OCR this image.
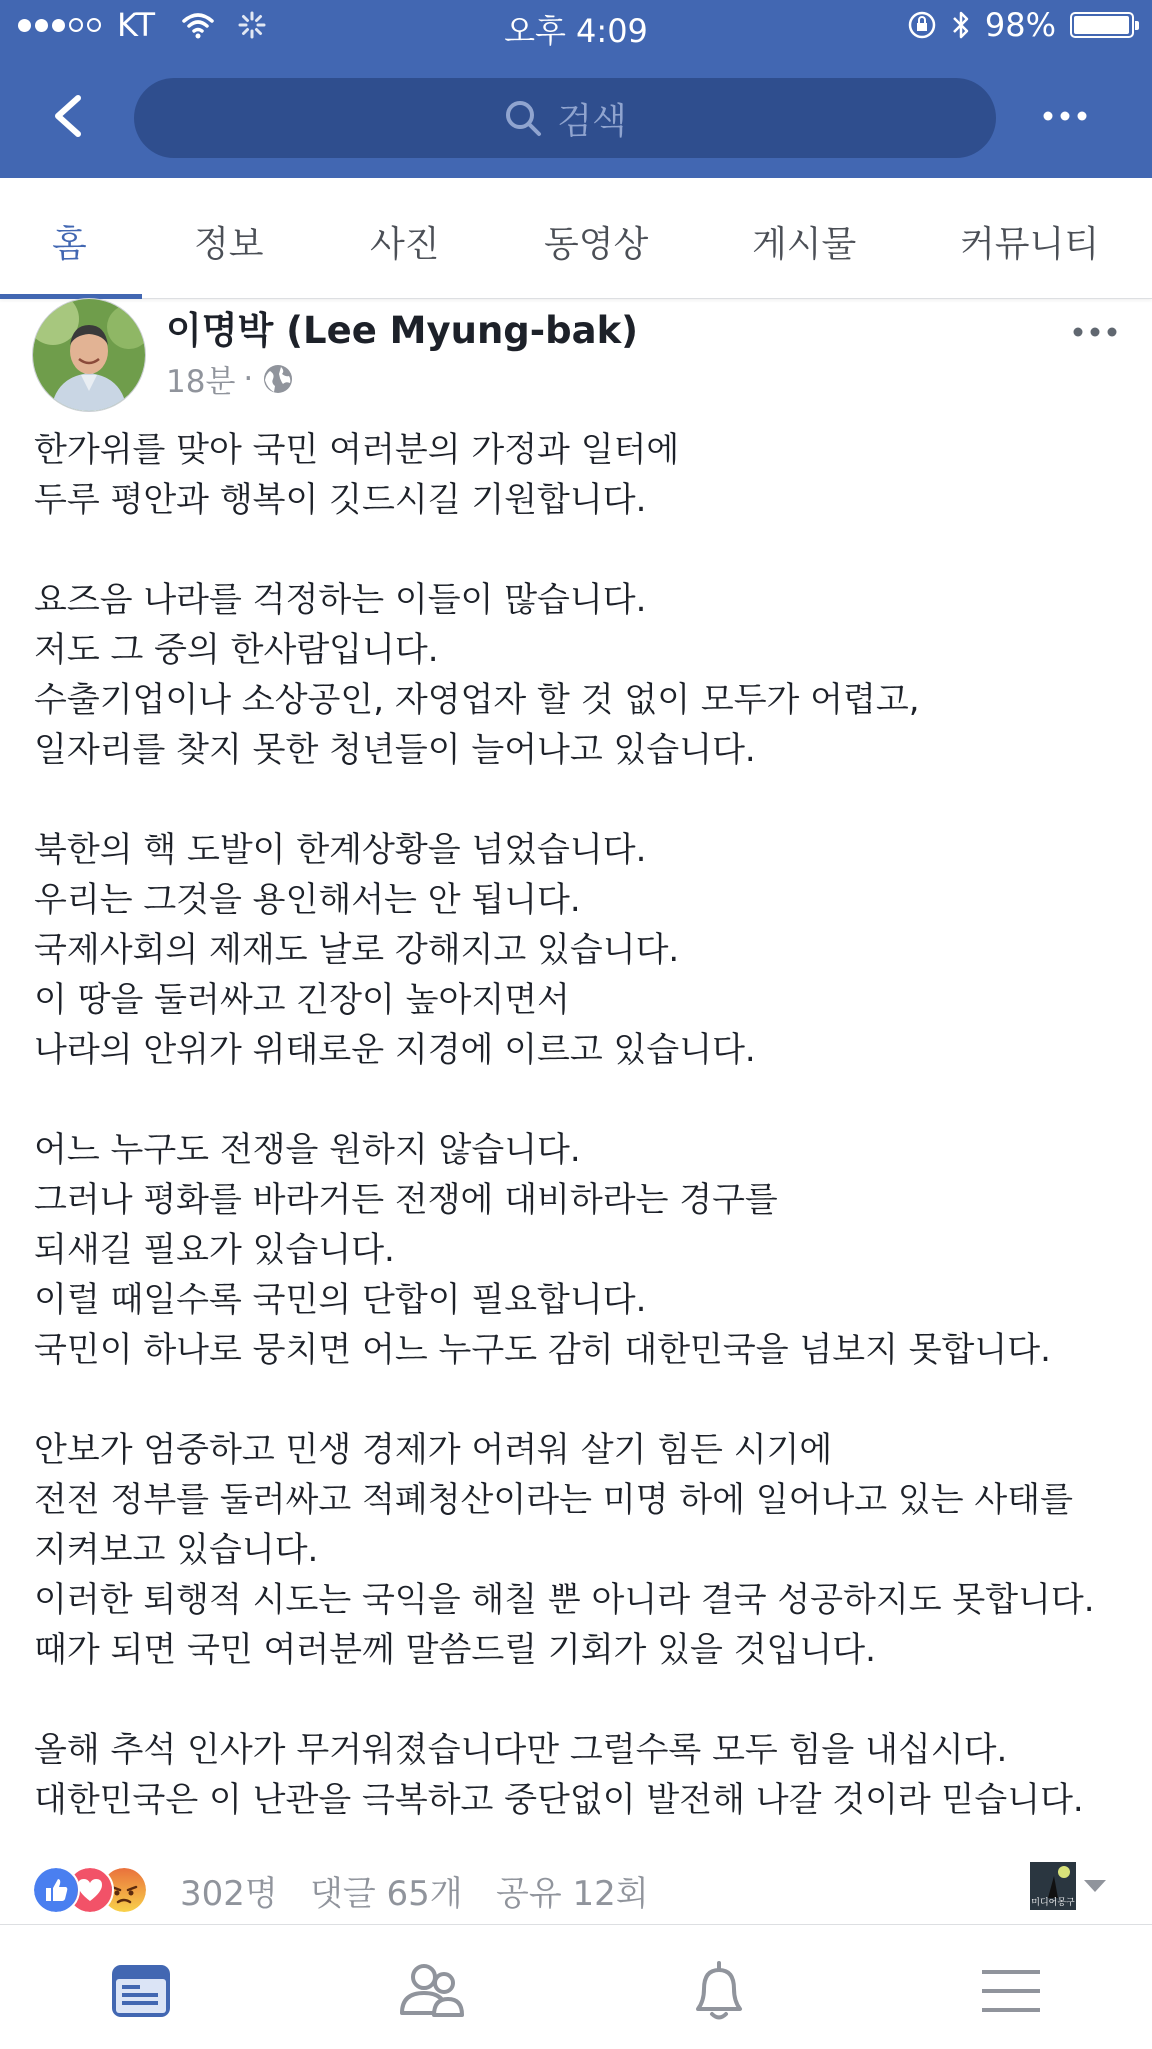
KT	오후 4:09	98%
검색
홈	정보	사진	동영상	게시물	커뮤니티
이명박 (Lee Myung-bak)
18분 ·
한가위를 맞아 국민 여러분의 가정과 일터에
두루 평안과 행복이 깃드시길 기원합니다.
요즈음 나라를 걱정하는 이들이 많습니다.
저도 그 중의 한사람입니다.
수출기업이나 소상공인, 자영업자 할 것 없이 모두가 어렵고,
일자리를 찾지 못한 청년들이 늘어나고 있습니다.
북한의 핵 도발이 한계상황을 넘었습니다.
우리는 그것을 용인해서는 안 됩니다.
국제사회의 제재도 날로 강해지고 있습니다.
이 땅을 둘러싸고 긴장이 높아지면서
나라의 안위가 위태로운 지경에 이르고 있습니다.
어느 누구도 전쟁을 원하지 않습니다.
그러나 평화를 바라거든 전쟁에 대비하라는 경구를
되새길 필요가 있습니다.
이럴 때일수록 국민의 단합이 필요합니다.
국민이 하나로 뭉치면 어느 누구도 감히 대한민국을 넘보지 못합니다.
안보가 엄중하고 민생 경제가 어려워 살기 힘든 시기에
전전 정부를 둘러싸고 적폐청산이라는 미명 하에 일어나고 있는 사태를
지켜보고 있습니다.
이러한 퇴행적 시도는 국익을 해칠 뿐 아니라 결국 성공하지도 못합니다.
때가 되면 국민 여러분께 말씀드릴 기회가 있을 것입니다.
올해 추석 인사가 무거워졌습니다만 그럴수록 모두 힘을 내십시다.
대한민국은 이 난관을 극복하고 중단없이 발전해 나갈 것이라 믿습니다.
302명 댓글 65개 공유 12회	미디어몽구
